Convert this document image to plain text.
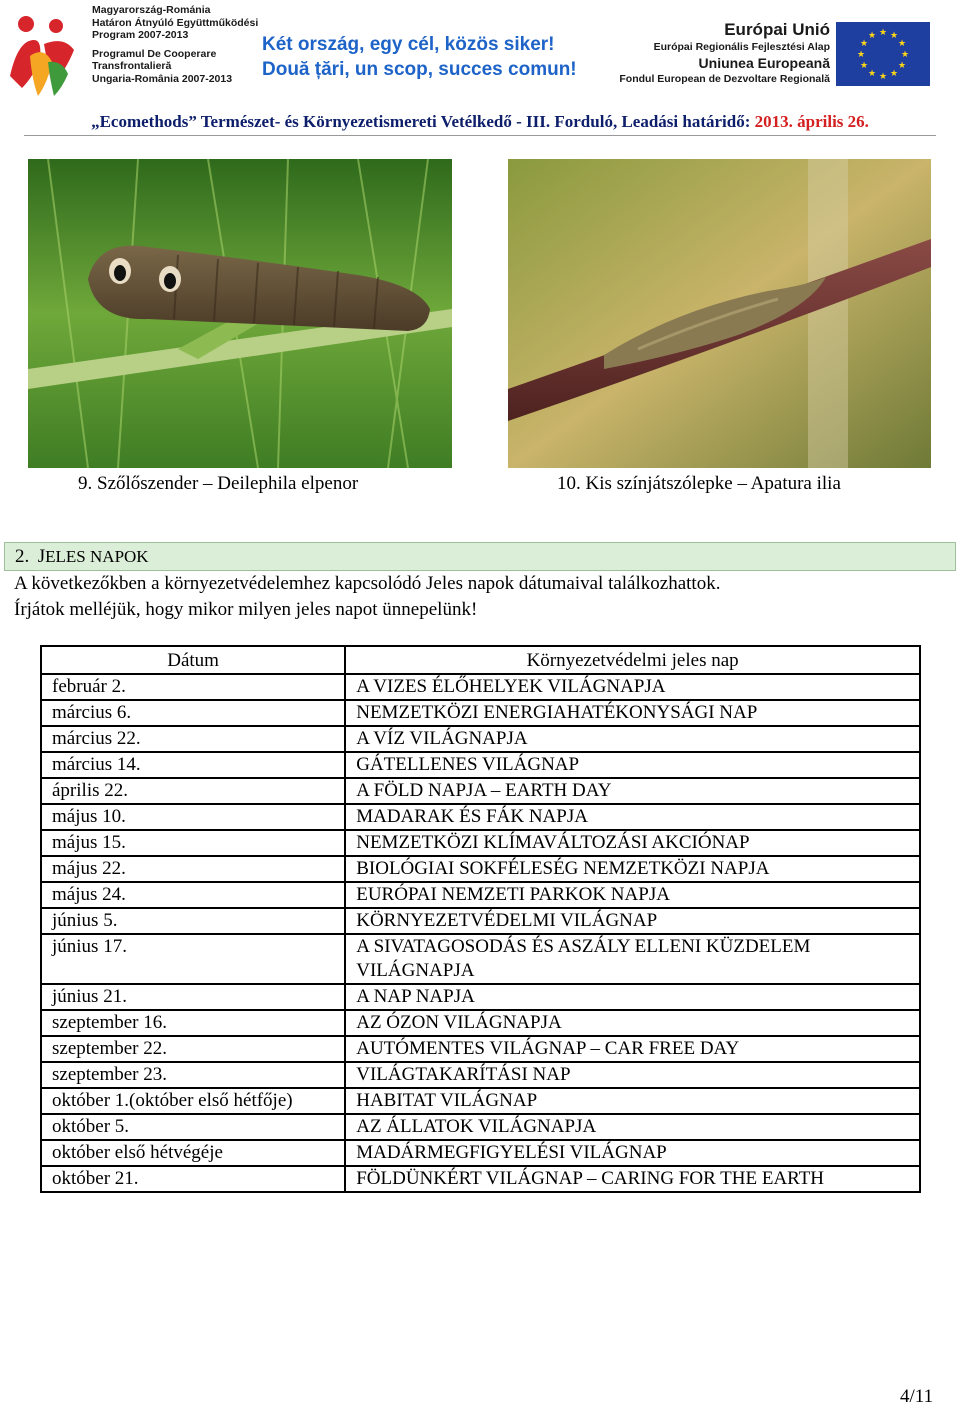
Magyarország-Románia
Határon Átnyúló Együttműködési
Program 2007-2013
Programul De Cooperare
Transfrontalieră
Ungaria-România 2007-2013
Két ország, egy cél, közös siker!
Două țări, un scop, succes comun!
Európai Unió
Európai Regionális Fejlesztési Alap
Uniunea Europeană
Fondul European de Dezvoltare Regională
★ ★
★
★
★
★
★
★
★
★
★
★
„Ecomethods” Természet- és Környezetismereti Vetélkedő - III. Forduló, Leadási határidő: 2013. április 26.
9. Szőlőszender – Deilephila elpenor	10. Kis színjátszólepke – Apatura ilia
2. JELES NAPOK
A következőkben a környezetvédelemhez kapcsolódó Jeles napok dátumaival találkozhattok.
Írjátok melléjük, hogy mikor milyen jeles napot ünnepelünk!
Dátum	Környezetvédelmi jeles nap
február 2.	A VIZES ÉLŐHELYEK VILÁGNAPJA
március 6.	NEMZETKÖZI ENERGIAHATÉKONYSÁGI NAP
március 22.	A VÍZ VILÁGNAPJA
március 14.	GÁTELLENES VILÁGNAP
április 22.	A FÖLD NAPJA – EARTH DAY
május 10.	MADARAK ÉS FÁK NAPJA
május 15.	NEMZETKÖZI KLÍMAVÁLTOZÁSI AKCIÓNAP
május 22.	BIOLÓGIAI SOKFÉLESÉG NEMZETKÖZI NAPJA
május 24.	EURÓPAI NEMZETI PARKOK NAPJA
június 5.	KÖRNYEZETVÉDELMI VILÁGNAP
június 17.	A SIVATAGOSODÁS ÉS ASZÁLY ELLENI KÜZDELEM VILÁGNAPJA
június 21.	A NAP NAPJA
szeptember 16.	AZ ÓZON VILÁGNAPJA
szeptember 22.	AUTÓMENTES VILÁGNAP – CAR FREE DAY
szeptember 23.	VILÁGTAKARÍTÁSI NAP
október 1.(október első hétfője)	HABITAT VILÁGNAP
október 5.	AZ ÁLLATOK VILÁGNAPJA
október első hétvégéje	MADÁRMEGFIGYELÉSI VILÁGNAP
október 21.	FÖLDÜNKÉRT VILÁGNAP – CARING FOR THE EARTH
4/11
